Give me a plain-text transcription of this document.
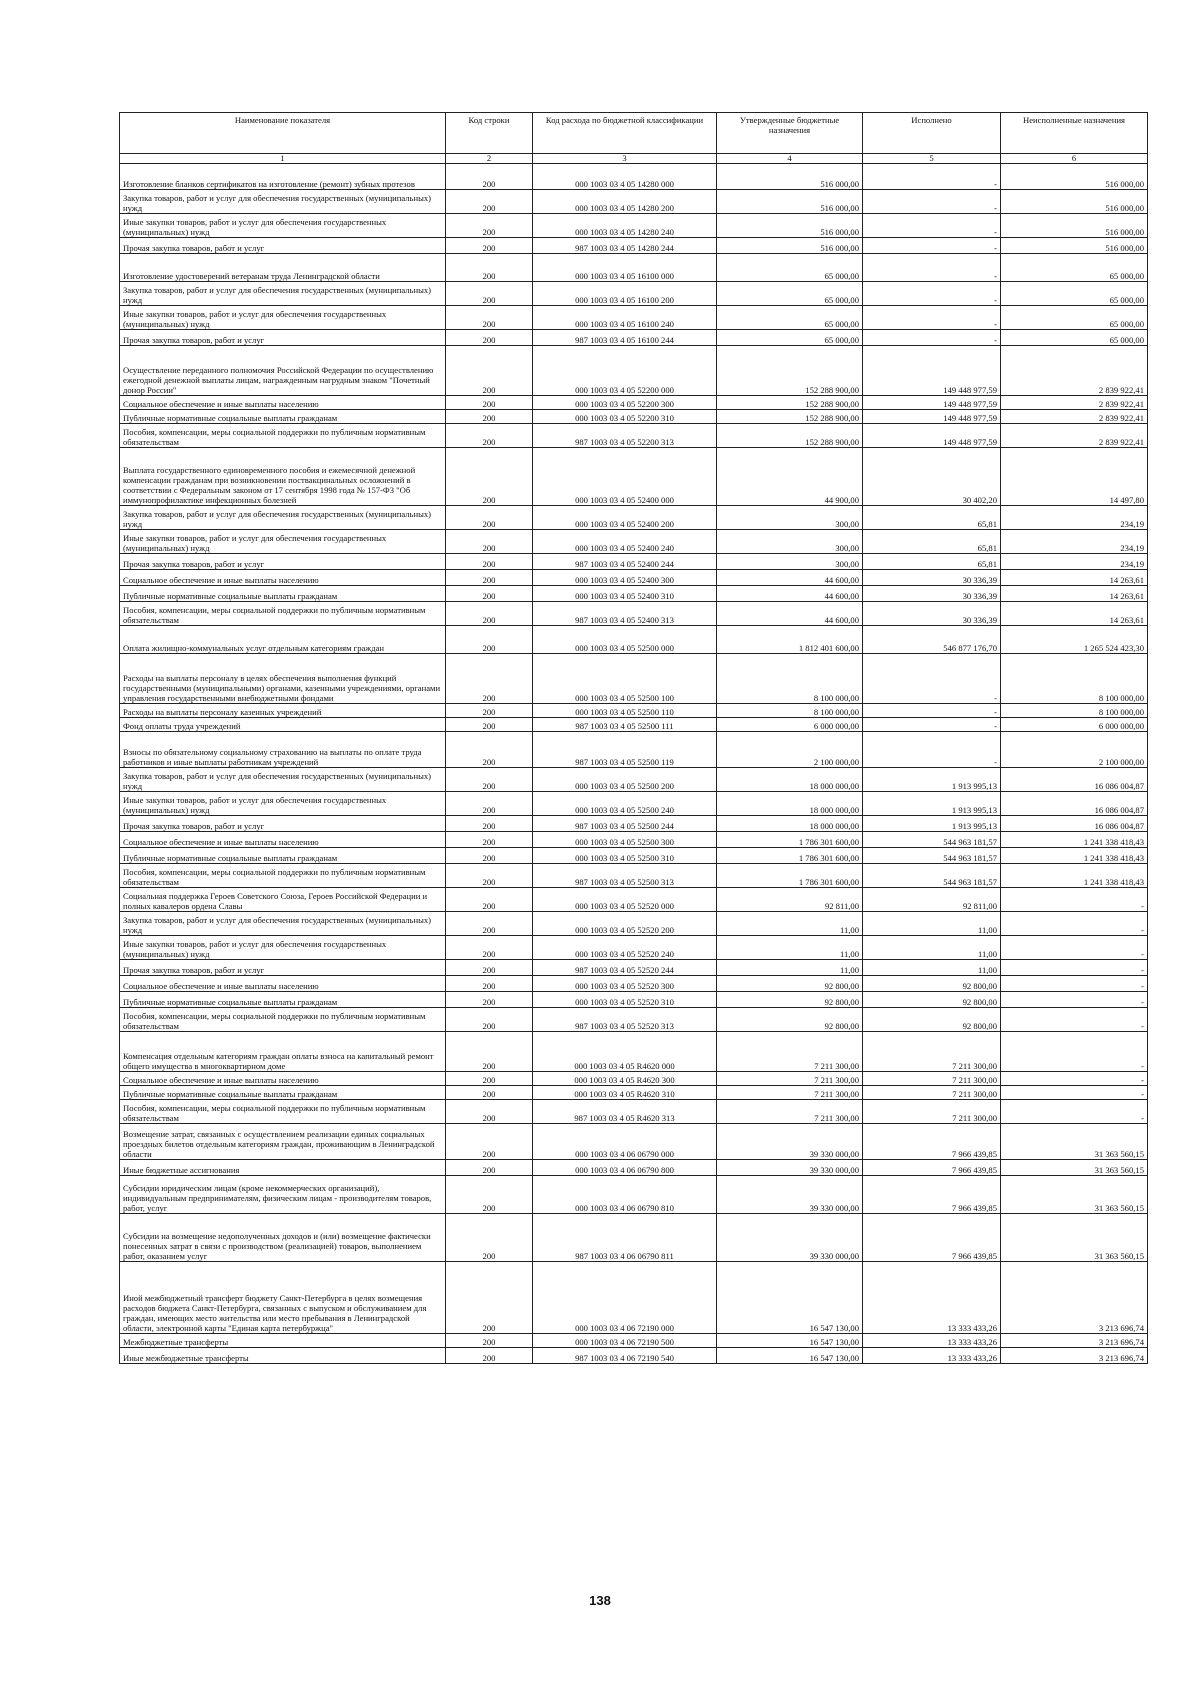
Наименование показателя	Код строки	Код расхода по бюджетной классификации	Утвержденные бюджетные назначения	Исполнено	Неисполненные назначения
1	2	3	4	5	6
Изготовление бланков сертификатов на изготовление (ремонт) зубных протезов	200	000 1003 03 4 05 14280 000	516 000,00	-	516 000,00
Закупка товаров, работ и услуг для обеспечения государственных (муниципальных) нужд	200	000 1003 03 4 05 14280 200	516 000,00	-	516 000,00
Иные закупки товаров, работ и услуг для обеспечения государственных (муниципальных) нужд	200	000 1003 03 4 05 14280 240	516 000,00	-	516 000,00
Прочая закупка товаров, работ и услуг	200	987 1003 03 4 05 14280 244	516 000,00	-	516 000,00
Изготовление удостоверений ветеранам труда Ленинградской области	200	000 1003 03 4 05 16100 000	65 000,00	-	65 000,00
Закупка товаров, работ и услуг для обеспечения государственных (муниципальных) нужд	200	000 1003 03 4 05 16100 200	65 000,00	-	65 000,00
Иные закупки товаров, работ и услуг для обеспечения государственных (муниципальных) нужд	200	000 1003 03 4 05 16100 240	65 000,00	-	65 000,00
Прочая закупка товаров, работ и услуг	200	987 1003 03 4 05 16100 244	65 000,00	-	65 000,00
Осуществление переданного полномочия Российской Федерации по осуществлению ежегодной денежной выплаты лицам, награжденным нагрудным знаком "Почетный донор России"	200	000 1003 03 4 05 52200 000	152 288 900,00	149 448 977,59	2 839 922,41
Социальное обеспечение и иные выплаты населению	200	000 1003 03 4 05 52200 300	152 288 900,00	149 448 977,59	2 839 922,41
Публичные нормативные социальные выплаты гражданам	200	000 1003 03 4 05 52200 310	152 288 900,00	149 448 977,59	2 839 922,41
Пособия, компенсации, меры социальной поддержки по публичным нормативным обязательствам	200	987 1003 03 4 05 52200 313	152 288 900,00	149 448 977,59	2 839 922,41
Выплата государственного единовременного пособия и ежемесячной денежной компенсации гражданам при возникновении поствакцинальных осложнений в соответствии с Федеральным законом от 17 сентября 1998 года № 157-ФЗ "Об иммунопрофилактике инфекционных болезней	200	000 1003 03 4 05 52400 000	44 900,00	30 402,20	14 497,80
Закупка товаров, работ и услуг для обеспечения государственных (муниципальных) нужд	200	000 1003 03 4 05 52400 200	300,00	65,81	234,19
Иные закупки товаров, работ и услуг для обеспечения государственных (муниципальных) нужд	200	000 1003 03 4 05 52400 240	300,00	65,81	234,19
Прочая закупка товаров, работ и услуг	200	987 1003 03 4 05 52400 244	300,00	65,81	234,19
Социальное обеспечение и иные выплаты населению	200	000 1003 03 4 05 52400 300	44 600,00	30 336,39	14 263,61
Публичные нормативные социальные выплаты гражданам	200	000 1003 03 4 05 52400 310	44 600,00	30 336,39	14 263,61
Пособия, компенсации, меры социальной поддержки по публичным нормативным обязательствам	200	987 1003 03 4 05 52400 313	44 600,00	30 336,39	14 263,61
Оплата жилищно-коммунальных услуг отдельным категориям граждан	200	000 1003 03 4 05 52500 000	1 812 401 600,00	546 877 176,70	1 265 524 423,30
Расходы на выплаты персоналу в целях обеспечения выполнения функций государственными (муниципальными) органами, казенными учреждениями, органами управления государственными внебюджетными фондами	200	000 1003 03 4 05 52500 100	8 100 000,00	-	8 100 000,00
Расходы на выплаты персоналу казенных учреждений	200	000 1003 03 4 05 52500 110	8 100 000,00	-	8 100 000,00
Фонд оплаты труда учреждений	200	987 1003 03 4 05 52500 111	6 000 000,00	-	6 000 000,00
Взносы по обязательному социальному страхованию на выплаты по оплате труда работников и иные выплаты работникам учреждений	200	987 1003 03 4 05 52500 119	2 100 000,00	-	2 100 000,00
Закупка товаров, работ и услуг для обеспечения государственных (муниципальных) нужд	200	000 1003 03 4 05 52500 200	18 000 000,00	1 913 995,13	16 086 004,87
Иные закупки товаров, работ и услуг для обеспечения государственных (муниципальных) нужд	200	000 1003 03 4 05 52500 240	18 000 000,00	1 913 995,13	16 086 004,87
Прочая закупка товаров, работ и услуг	200	987 1003 03 4 05 52500 244	18 000 000,00	1 913 995,13	16 086 004,87
Социальное обеспечение и иные выплаты населению	200	000 1003 03 4 05 52500 300	1 786 301 600,00	544 963 181,57	1 241 338 418,43
Публичные нормативные социальные выплаты гражданам	200	000 1003 03 4 05 52500 310	1 786 301 600,00	544 963 181,57	1 241 338 418,43
Пособия, компенсации, меры социальной поддержки по публичным нормативным обязательствам	200	987 1003 03 4 05 52500 313	1 786 301 600,00	544 963 181,57	1 241 338 418,43
Социальная поддержка Героев Советского Союза, Героев Российской Федерации и полных кавалеров ордена Славы	200	000 1003 03 4 05 52520 000	92 811,00	92 811,00	-
Закупка товаров, работ и услуг для обеспечения государственных (муниципальных) нужд	200	000 1003 03 4 05 52520 200	11,00	11,00	-
Иные закупки товаров, работ и услуг для обеспечения государственных (муниципальных) нужд	200	000 1003 03 4 05 52520 240	11,00	11,00	-
Прочая закупка товаров, работ и услуг	200	987 1003 03 4 05 52520 244	11,00	11,00	-
Социальное обеспечение и иные выплаты населению	200	000 1003 03 4 05 52520 300	92 800,00	92 800,00	-
Публичные нормативные социальные выплаты гражданам	200	000 1003 03 4 05 52520 310	92 800,00	92 800,00	-
Пособия, компенсации, меры социальной поддержки по публичным нормативным обязательствам	200	987 1003 03 4 05 52520 313	92 800,00	92 800,00	-
Компенсация отдельным категориям граждан оплаты взноса на капитальный ремонт общего имущества в многоквартирном доме	200	000 1003 03 4 05 R4620 000	7 211 300,00	7 211 300,00	-
Социальное обеспечение и иные выплаты населению	200	000 1003 03 4 05 R4620 300	7 211 300,00	7 211 300,00	-
Публичные нормативные социальные выплаты гражданам	200	000 1003 03 4 05 R4620 310	7 211 300,00	7 211 300,00	-
Пособия, компенсации, меры социальной поддержки по публичным нормативным обязательствам	200	987 1003 03 4 05 R4620 313	7 211 300,00	7 211 300,00	-
Возмещение затрат, связанных с осуществлением реализации единых социальных проездных билетов отдельным категориям граждан, проживающим в Ленинградской области	200	000 1003 03 4 06 06790 000	39 330 000,00	7 966 439,85	31 363 560,15
Иные бюджетные ассигнования	200	000 1003 03 4 06 06790 800	39 330 000,00	7 966 439,85	31 363 560,15
Субсидии юридическим лицам (кроме некоммерческих организаций), индивидуальным предпринимателям, физическим лицам - производителям товаров, работ, услуг	200	000 1003 03 4 06 06790 810	39 330 000,00	7 966 439,85	31 363 560,15
Субсидии на возмещение недополученных доходов и (или) возмещение фактически понесенных затрат в связи с производством (реализацией) товаров, выполнением работ, оказанием услуг	200	987 1003 03 4 06 06790 811	39 330 000,00	7 966 439,85	31 363 560,15
Иной межбюджетный трансферт бюджету Санкт-Петербурга в целях возмещения расходов бюджета Санкт-Петербурга, связанных с выпуском и обслуживанием для граждан, имеющих место жительства или место пребывания в Ленинградской области, электронной карты "Единая карта петербуржца"	200	000 1003 03 4 06 72190 000	16 547 130,00	13 333 433,26	3 213 696,74
Межбюджетные трансферты	200	000 1003 03 4 06 72190 500	16 547 130,00	13 333 433,26	3 213 696,74
Иные межбюджетные трансферты	200	987 1003 03 4 06 72190 540	16 547 130,00	13 333 433,26	3 213 696,74
138
